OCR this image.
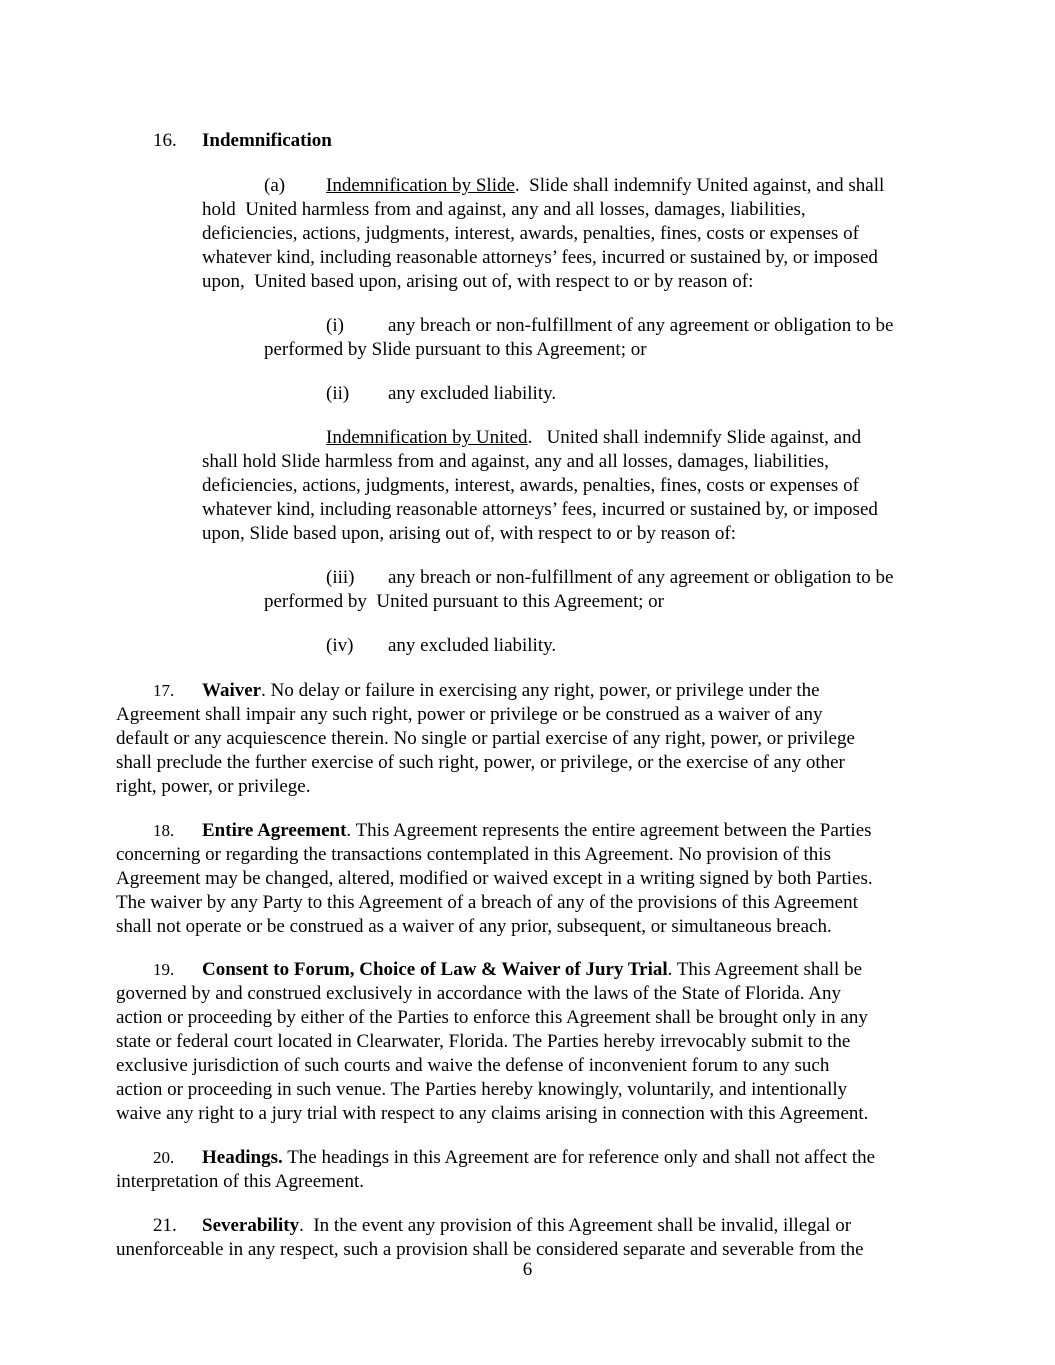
16. Indemnification
(a) Indemnification by Slide.  Slide shall indemnify United against, and shall
hold  United harmless from and against, any and all losses, damages, liabilities,
deficiencies, actions, judgments, interest, awards, penalties, fines, costs or expenses of
whatever kind, including reasonable attorneys’ fees, incurred or sustained by, or imposed
upon,  United based upon, arising out of, with respect to or by reason of:
(i) any breach or non-fulfillment of any agreement or obligation to be
performed by Slide pursuant to this Agreement; or
(ii) any excluded liability.
Indemnification by United.   United shall indemnify Slide against, and
shall hold Slide harmless from and against, any and all losses, damages, liabilities,
deficiencies, actions, judgments, interest, awards, penalties, fines, costs or expenses of
whatever kind, including reasonable attorneys’ fees, incurred or sustained by, or imposed
upon, Slide based upon, arising out of, with respect to or by reason of:
(iii) any breach or non-fulfillment of any agreement or obligation to be
performed by  United pursuant to this Agreement; or
(iv) any excluded liability.
17. Waiver. No delay or failure in exercising any right, power, or privilege under the
Agreement shall impair any such right, power or privilege or be construed as a waiver of any
default or any acquiescence therein. No single or partial exercise of any right, power, or privilege
shall preclude the further exercise of such right, power, or privilege, or the exercise of any other
right, power, or privilege.
18. Entire Agreement. This Agreement represents the entire agreement between the Parties
concerning or regarding the transactions contemplated in this Agreement. No provision of this
Agreement may be changed, altered, modified or waived except in a writing signed by both Parties.
The waiver by any Party to this Agreement of a breach of any of the provisions of this Agreement
shall not operate or be construed as a waiver of any prior, subsequent, or simultaneous breach.
19. Consent to Forum, Choice of Law & Waiver of Jury Trial. This Agreement shall be
governed by and construed exclusively in accordance with the laws of the State of Florida. Any
action or proceeding by either of the Parties to enforce this Agreement shall be brought only in any
state or federal court located in Clearwater, Florida. The Parties hereby irrevocably submit to the
exclusive jurisdiction of such courts and waive the defense of inconvenient forum to any such
action or proceeding in such venue. The Parties hereby knowingly, voluntarily, and intentionally
waive any right to a jury trial with respect to any claims arising in connection with this Agreement.
20. Headings. The headings in this Agreement are for reference only and shall not affect the
interpretation of this Agreement.
21. Severability.  In the event any provision of this Agreement shall be invalid, illegal or
unenforceable in any respect, such a provision shall be considered separate and severable from the
6
